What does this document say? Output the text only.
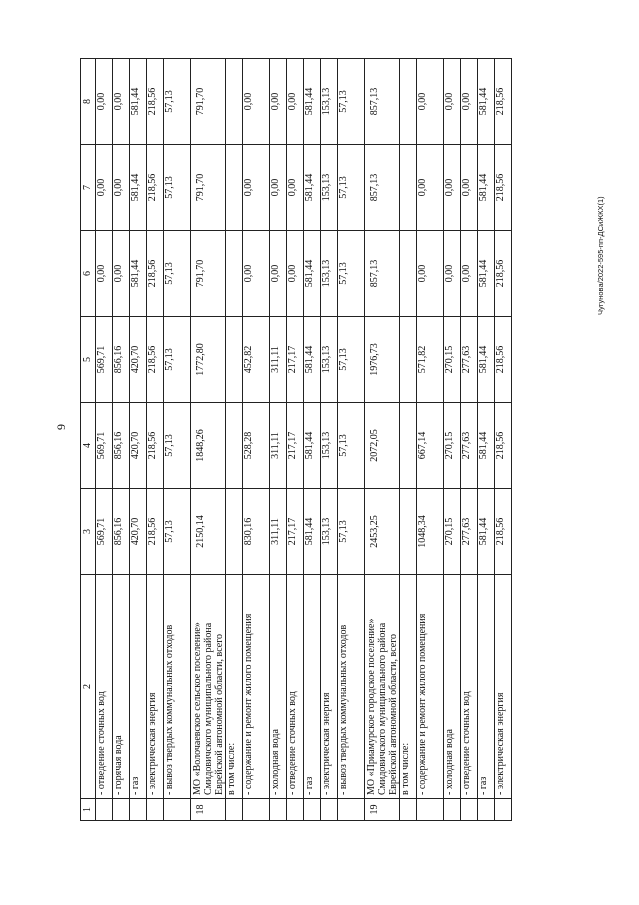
9
Чугунова/2022-595-пп-ДСиЖКХ(1)
1	2	3	4	5	6	7	8
	- отведение сточных вод	569,71	569,71	569,71	0,00	0,00	0,00
	- горячая вода	856,16	856,16	856,16	0,00	0,00	0,00
	- газ	420,70	420,70	420,70	581,44	581,44	581,44
	- электрическая энергия	218,56	218,56	218,56	218,56	218,56	218,56
	- вывоз твердых коммунальных отходов	57,13	57,13	57,13	57,13	57,13	57,13
18	МО «Волочаевское сельское поселение» Смидовичского муниципального района Еврейской автономной области, всего	2150,14	1848,26	1772,80	791,70	791,70	791,70
	в том числе:						
	- содержание и ремонт жилого помещения	830,16	528,28	452,82	0,00	0,00	0,00
	- холодная вода	311,11	311,11	311,11	0,00	0,00	0,00
	- отведение сточных вод	217,17	217,17	217,17	0,00	0,00	0,00
	- газ	581,44	581,44	581,44	581,44	581,44	581,44
	- электрическая энергия	153,13	153,13	153,13	153,13	153,13	153,13
	- вывоз твердых коммунальных отходов	57,13	57,13	57,13	57,13	57,13	57,13
19	МО «Приамурское городское поселение» Смидовичского муниципального района Еврейской автономной области, всего	2453,25	2072,05	1976,73	857,13	857,13	857,13
	в том числе:						
	- содержание и ремонт жилого помещения	1048,34	667,14	571,82	0,00	0,00	0,00
	- холодная вода	270,15	270,15	270,15	0,00	0,00	0,00
	- отведение сточных вод	277,63	277,63	277,63	0,00	0,00	0,00
	- газ	581,44	581,44	581,44	581,44	581,44	581,44
	- электрическая энергия	218,56	218,56	218,56	218,56	218,56	218,56
